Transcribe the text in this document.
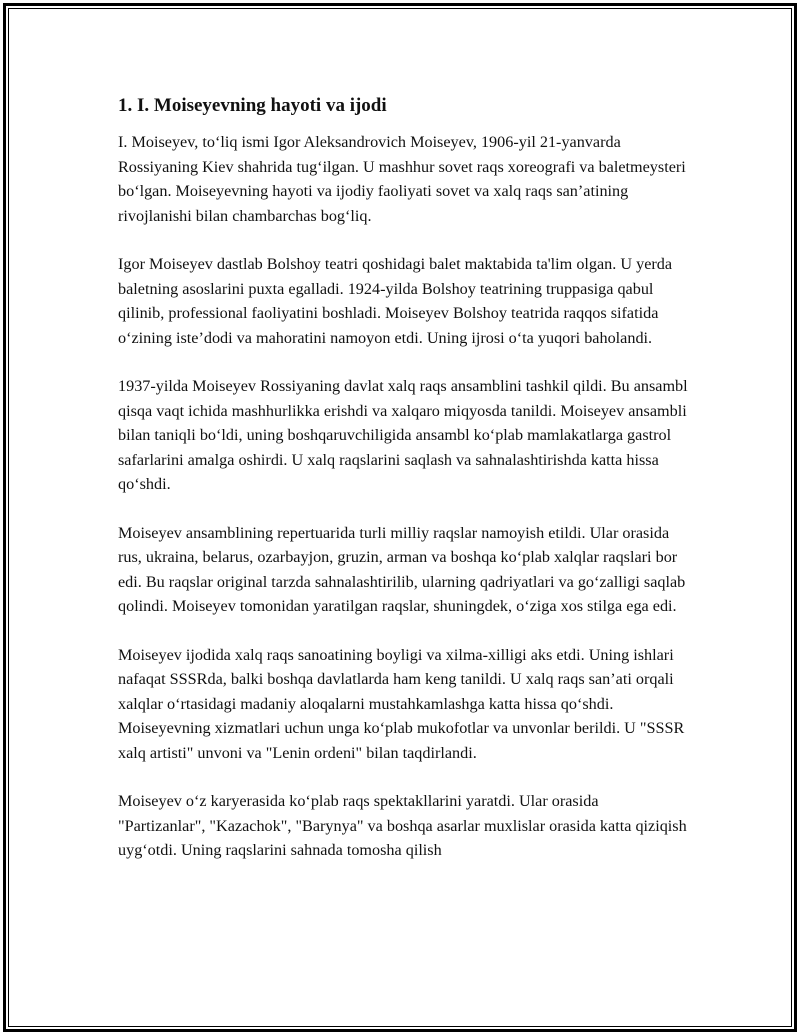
1. I. Moiseyevning hayoti va ijodi

I. Moiseyev, to‘liq ismi Igor Aleksandrovich Moiseyev, 1906-yil 21-yanvarda Rossiyaning Kiev shahrida tug‘ilgan. U mashhur sovet raqs xoreografi va baletmeysteri bo‘lgan. Moiseyevning hayoti va ijodiy faoliyati sovet va xalq raqs san’atining rivojlanishi bilan chambarchas bog‘liq.

Igor Moiseyev dastlab Bolshoy teatri qoshidagi balet maktabida ta'lim olgan. U yerda baletning asoslarini puxta egalladi. 1924-yilda Bolshoy teatrining truppasiga qabul qilinib, professional faoliyatini boshladi. Moiseyev Bolshoy teatrida raqqos sifatida o‘zining iste’dodi va mahoratini namoyon etdi. Uning ijrosi o‘ta yuqori baholandi.

1937-yilda Moiseyev Rossiyaning davlat xalq raqs ansamblini tashkil qildi. Bu ansambl qisqa vaqt ichida mashhurlikka erishdi va xalqaro miqyosda tanildi. Moiseyev ansambli bilan taniqli bo‘ldi, uning boshqaruvchiligida ansambl ko‘plab mamlakatlarga gastrol safarlarini amalga oshirdi. U xalq raqslarini saqlash va sahnalashtirishda katta hissa qo‘shdi.

Moiseyev ansamblining repertuarida turli milliy raqslar namoyish etildi. Ular orasida rus, ukraina, belarus, ozarbayjon, gruzin, arman va boshqa ko‘plab xalqlar raqslari bor edi. Bu raqslar original tarzda sahnalashtirilib, ularning qadriyatlari va go‘zalligi saqlab qolindi. Moiseyev tomonidan yaratilgan raqslar, shuningdek, o‘ziga xos stilga ega edi.

Moiseyev ijodida xalq raqs sanoatining boyligi va xilma-xilligi aks etdi. Uning ishlari nafaqat SSSRda, balki boshqa davlatlarda ham keng tanildi. U xalq raqs san’ati orqali xalqlar o‘rtasidagi madaniy aloqalarni mustahkamlashga katta hissa qo‘shdi. Moiseyevning xizmatlari uchun unga ko‘plab mukofotlar va unvonlar berildi. U "SSSR xalq artisti" unvoni va "Lenin ordeni" bilan taqdirlandi.

Moiseyev o‘z karyerasida ko‘plab raqs spektakllarini yaratdi. Ular orasida "Partizanlar", "Kazachok", "Barynya" va boshqa asarlar muxlislar orasida katta qiziqish uyg‘otdi. Uning raqslarini sahnada tomosha qilish
